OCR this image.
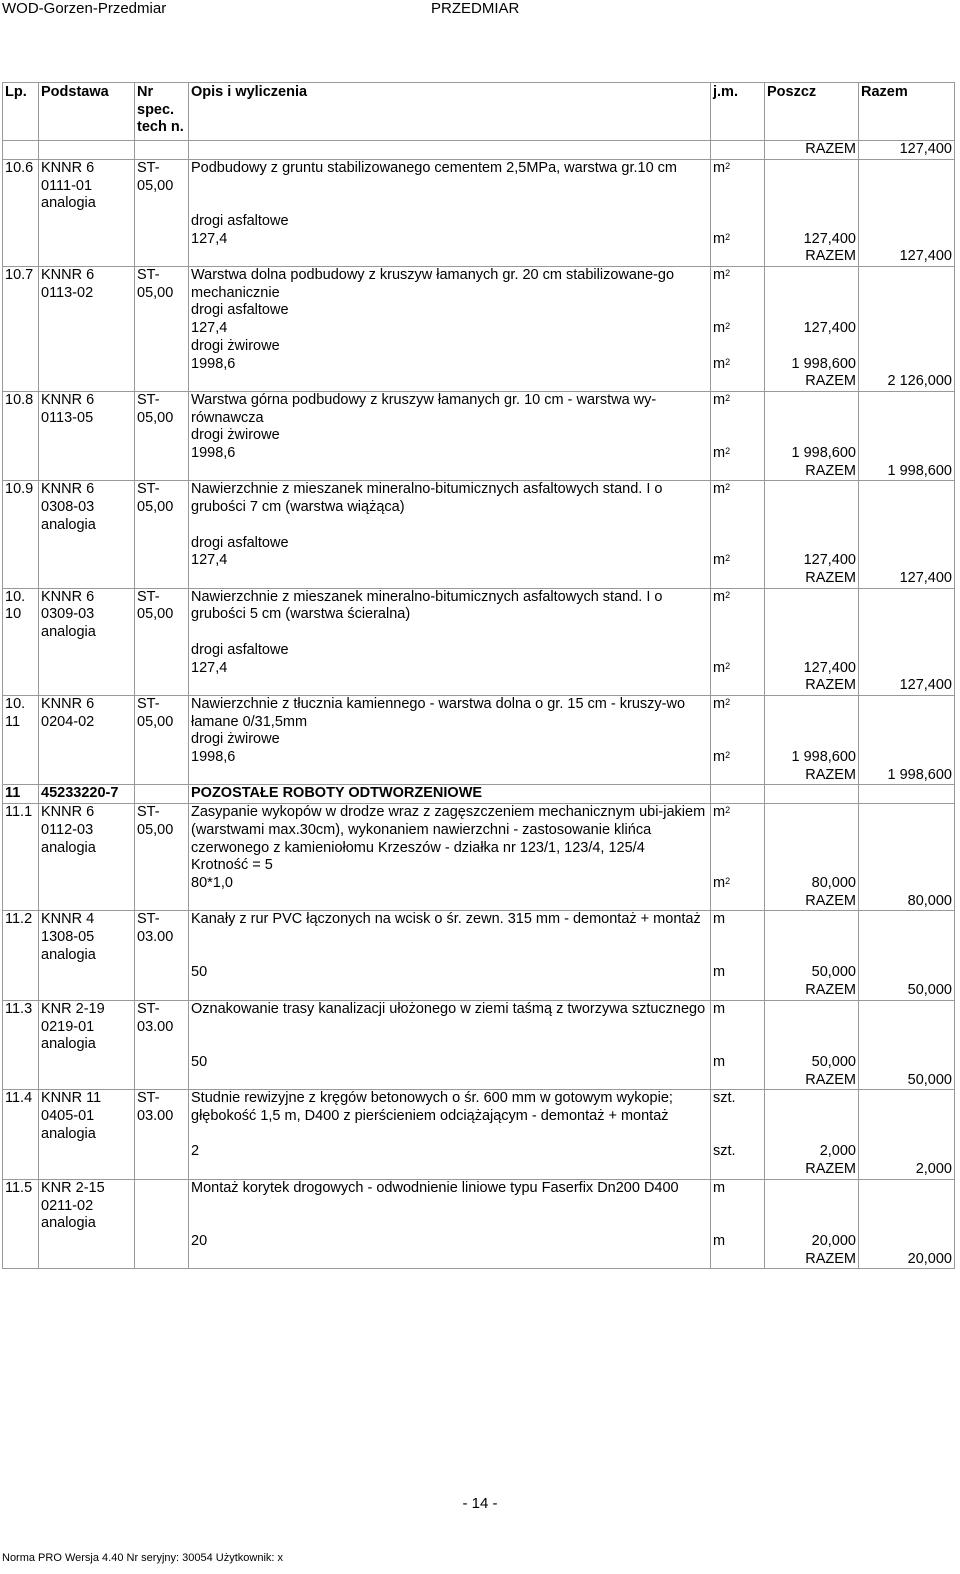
WOD-Gorzen-Przedmiar	PRZEDMIAR
Lp.	Podstawa	Nr spec. tech n.	Opis i wyliczenia	j.m.	Poszcz	Razem
					RAZEM	127,400
10.6	KNNR 6 0111-01 analogia	ST-05,00	Podbudowy z gruntu stabilizowanego cementem 2,5MPa, warstwa gr.10 cm	$m^2$		
			drogi asfaltowe			
			127,4	$m^2$	127,400	
					RAZEM	127,400
10.7	KNNR 6 0113-02	ST-05,00	Warstwa dolna podbudowy z kruszyw łamanych gr. 20 cm stabilizowane-go mechanicznie	$m^2$		
			drogi asfaltowe			
			127,4	$m^2$	127,400	
			drogi żwirowe			
			1998,6	$m^2$	1 998,600	
					RAZEM	2 126,000
10.8	KNNR 6 0113-05	ST-05,00	Warstwa górna podbudowy z kruszyw łamanych gr. 10 cm - warstwa wy-równawcza	$m^2$		
			drogi żwirowe			
			1998,6	$m^2$	1 998,600	
					RAZEM	1 998,600
10.9	KNNR 6 0308-03 analogia	ST-05,00	Nawierzchnie z mieszanek mineralno-bitumicznych asfaltowych stand. I o grubości 7 cm (warstwa wiążąca)	$m^2$		
			drogi asfaltowe			
			127,4	$m^2$	127,400	
					RAZEM	127,400
10. 10	KNNR 6 0309-03 analogia	ST-05,00	Nawierzchnie z mieszanek mineralno-bitumicznych asfaltowych stand. I o grubości 5 cm (warstwa ścieralna)	$m^2$		
			drogi asfaltowe			
			127,4	$m^2$	127,400	
					RAZEM	127,400
10. 11	KNNR 6 0204-02	ST-05,00	Nawierzchnie z tłucznia kamiennego - warstwa dolna o gr. 15 cm - kruszy-wo łamane 0/31,5mm	$m^2$		
			drogi żwirowe			
			1998,6	$m^2$	1 998,600	
					RAZEM	1 998,600
11	45233220-7		POZOSTAŁE ROBOTY ODTWORZENIOWE			
11.1	KNNR 6 0112-03 analogia	ST-05,00	Zasypanie wykopów w drodze wraz z zagęszczeniem mechanicznym ubi-jakiem (warstwami max.30cm), wykonaniem nawierzchni - zastosowanie klińca czerwonego z kamieniołomu Krzeszów - działka nr 123/1, 123/4, 125/4	$m^2$		
			Krotność = 5			
			80*1,0	$m^2$	80,000	
					RAZEM	80,000
11.2	KNNR 4 1308-05 analogia	ST-03.00	Kanały z rur PVC łączonych na wcisk o śr. zewn. 315 mm - demontaż + montaż	m		

			50	m	50,000	
					RAZEM	50,000
11.3	KNR 2-19 0219-01 analogia	ST-03.00	Oznakowanie trasy kanalizacji ułożonego w ziemi taśmą z tworzywa sztucznego	m		

			50	m	50,000	
					RAZEM	50,000
11.4	KNNR 11 0405-01 analogia	ST-03.00	Studnie rewizyjne z kręgów betonowych o śr. 600 mm w gotowym wykopie; głębokość 1,5 m, D400 z pierścieniem odciążającym - demontaż + montaż	szt.		
			2	szt.	2,000	
					RAZEM	2,000
11.5	KNR 2-15 0211-02 analogia		Montaż korytek drogowych - odwodnienie liniowe typu Faserfix Dn200 D400	m		

			20	m	20,000	
					RAZEM	20,000
- 14 -
Norma PRO Wersja 4.40 Nr seryjny: 30054 Użytkownik: x
